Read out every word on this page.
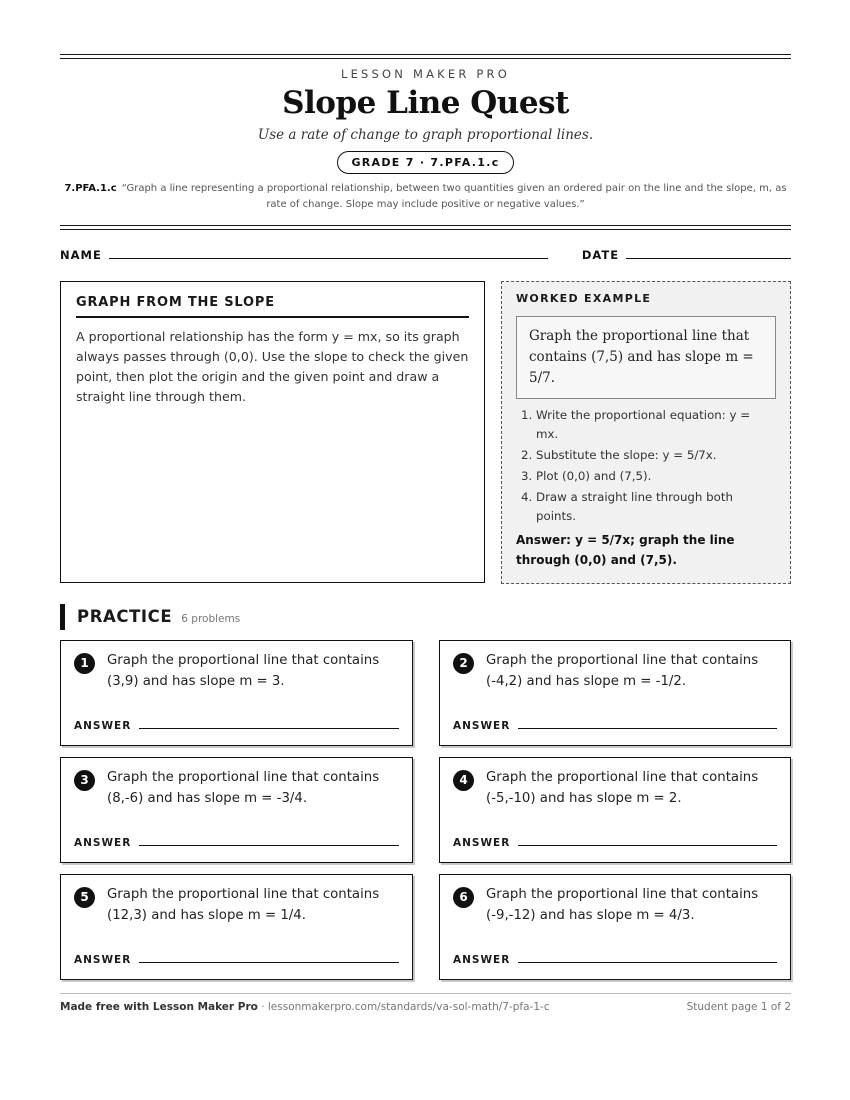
LESSON MAKER PRO
Slope Line Quest
Use a rate of change to graph proportional lines.
GRADE 7 · 7.PFA.1.c
7.PFA.1.c “Graph a line representing a proportional relationship, between two quantities given an ordered pair on the line and the slope, m, as rate of change. Slope may include positive or negative values.”
NAME	DATE
GRAPH FROM THE SLOPE

A proportional relationship has the form y = mx, so its graph always passes through (0,0). Use the slope to check the given point, then plot the origin and the given point and draw a straight line through them.

WORKED EXAMPLE
Graph the proportional line that contains (7,5) and has slope m = 5/7.
1. Write the proportional equation: y = mx.
2. Substitute the slope: y = 5/7x.
3. Plot (0,0) and (7,5).
4. Draw a straight line through both points.
Answer: y = 5/7x; graph the line through (0,0) and (7,5).
PRACTICE 6 problems
1	Graph the proportional line that contains (3,9) and has slope m = 3.
ANSWER
2	Graph the proportional line that contains (-4,2) and has slope m = -1/2.
ANSWER
3	Graph the proportional line that contains (8,-6) and has slope m = -3/4.
ANSWER
4	Graph the proportional line that contains (-5,-10) and has slope m = 2.
ANSWER
5	Graph the proportional line that contains (12,3) and has slope m = 1/4.
ANSWER
6	Graph the proportional line that contains (-9,-12) and has slope m = 4/3.
ANSWER
Made free with Lesson Maker Pro · lessonmakerpro.com/standards/va-sol-math/7-pfa-1-c	Student page 1 of 2
